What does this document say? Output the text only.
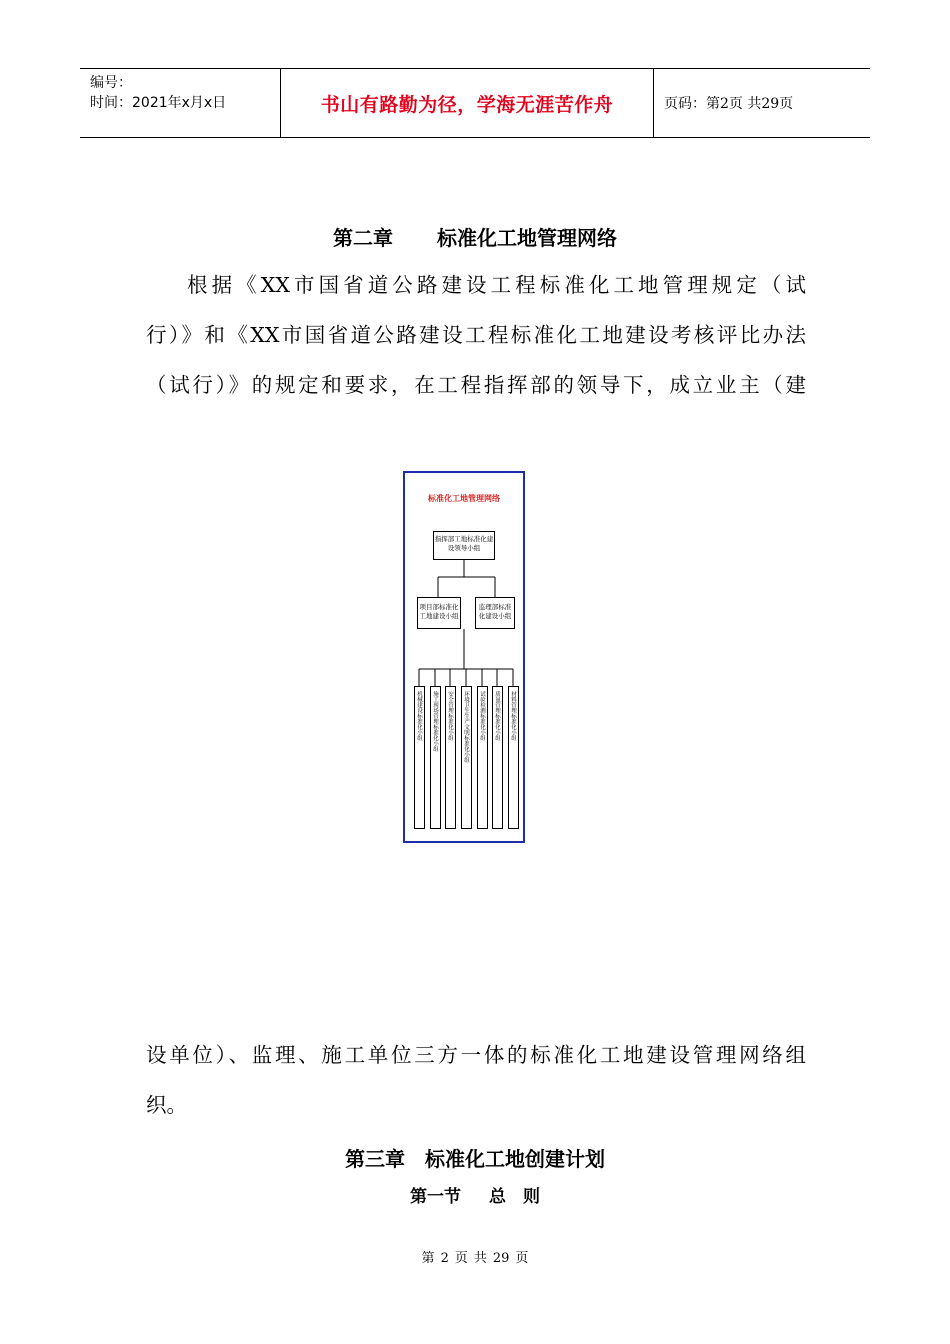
编号：
时间：2021年x月x日	书山有路勤为径，学海无涯苦作舟	页码：第2页 共29页
第二章 标准化工地管理网络

根据《XX市国省道公路建设工程标准化工地管理规定（试

行）》和《XX市国省道公路建设工程标准化工地建设考核评比办法

（试行）》的规定和要求，在工程指挥部的领导下，成立业主（建

标准化工地管理网络
指挥部工地标准化建设领导小组
项目部标准化工地建设小组
监理部标准化建设小组
机械建设标准化小组	施工现场管理标准化小组	安全管理标准化小组	环境卫生生产文明标准化小组	试验检测标准化小组	质量管理标准化小组	材料管理标准化小组

设单位）、监理、施工单位三方一体的标准化工地建设管理网络组

织。

第三章 标准化工地创建计划
第一节 总　则
第 2 页 共 29 页
